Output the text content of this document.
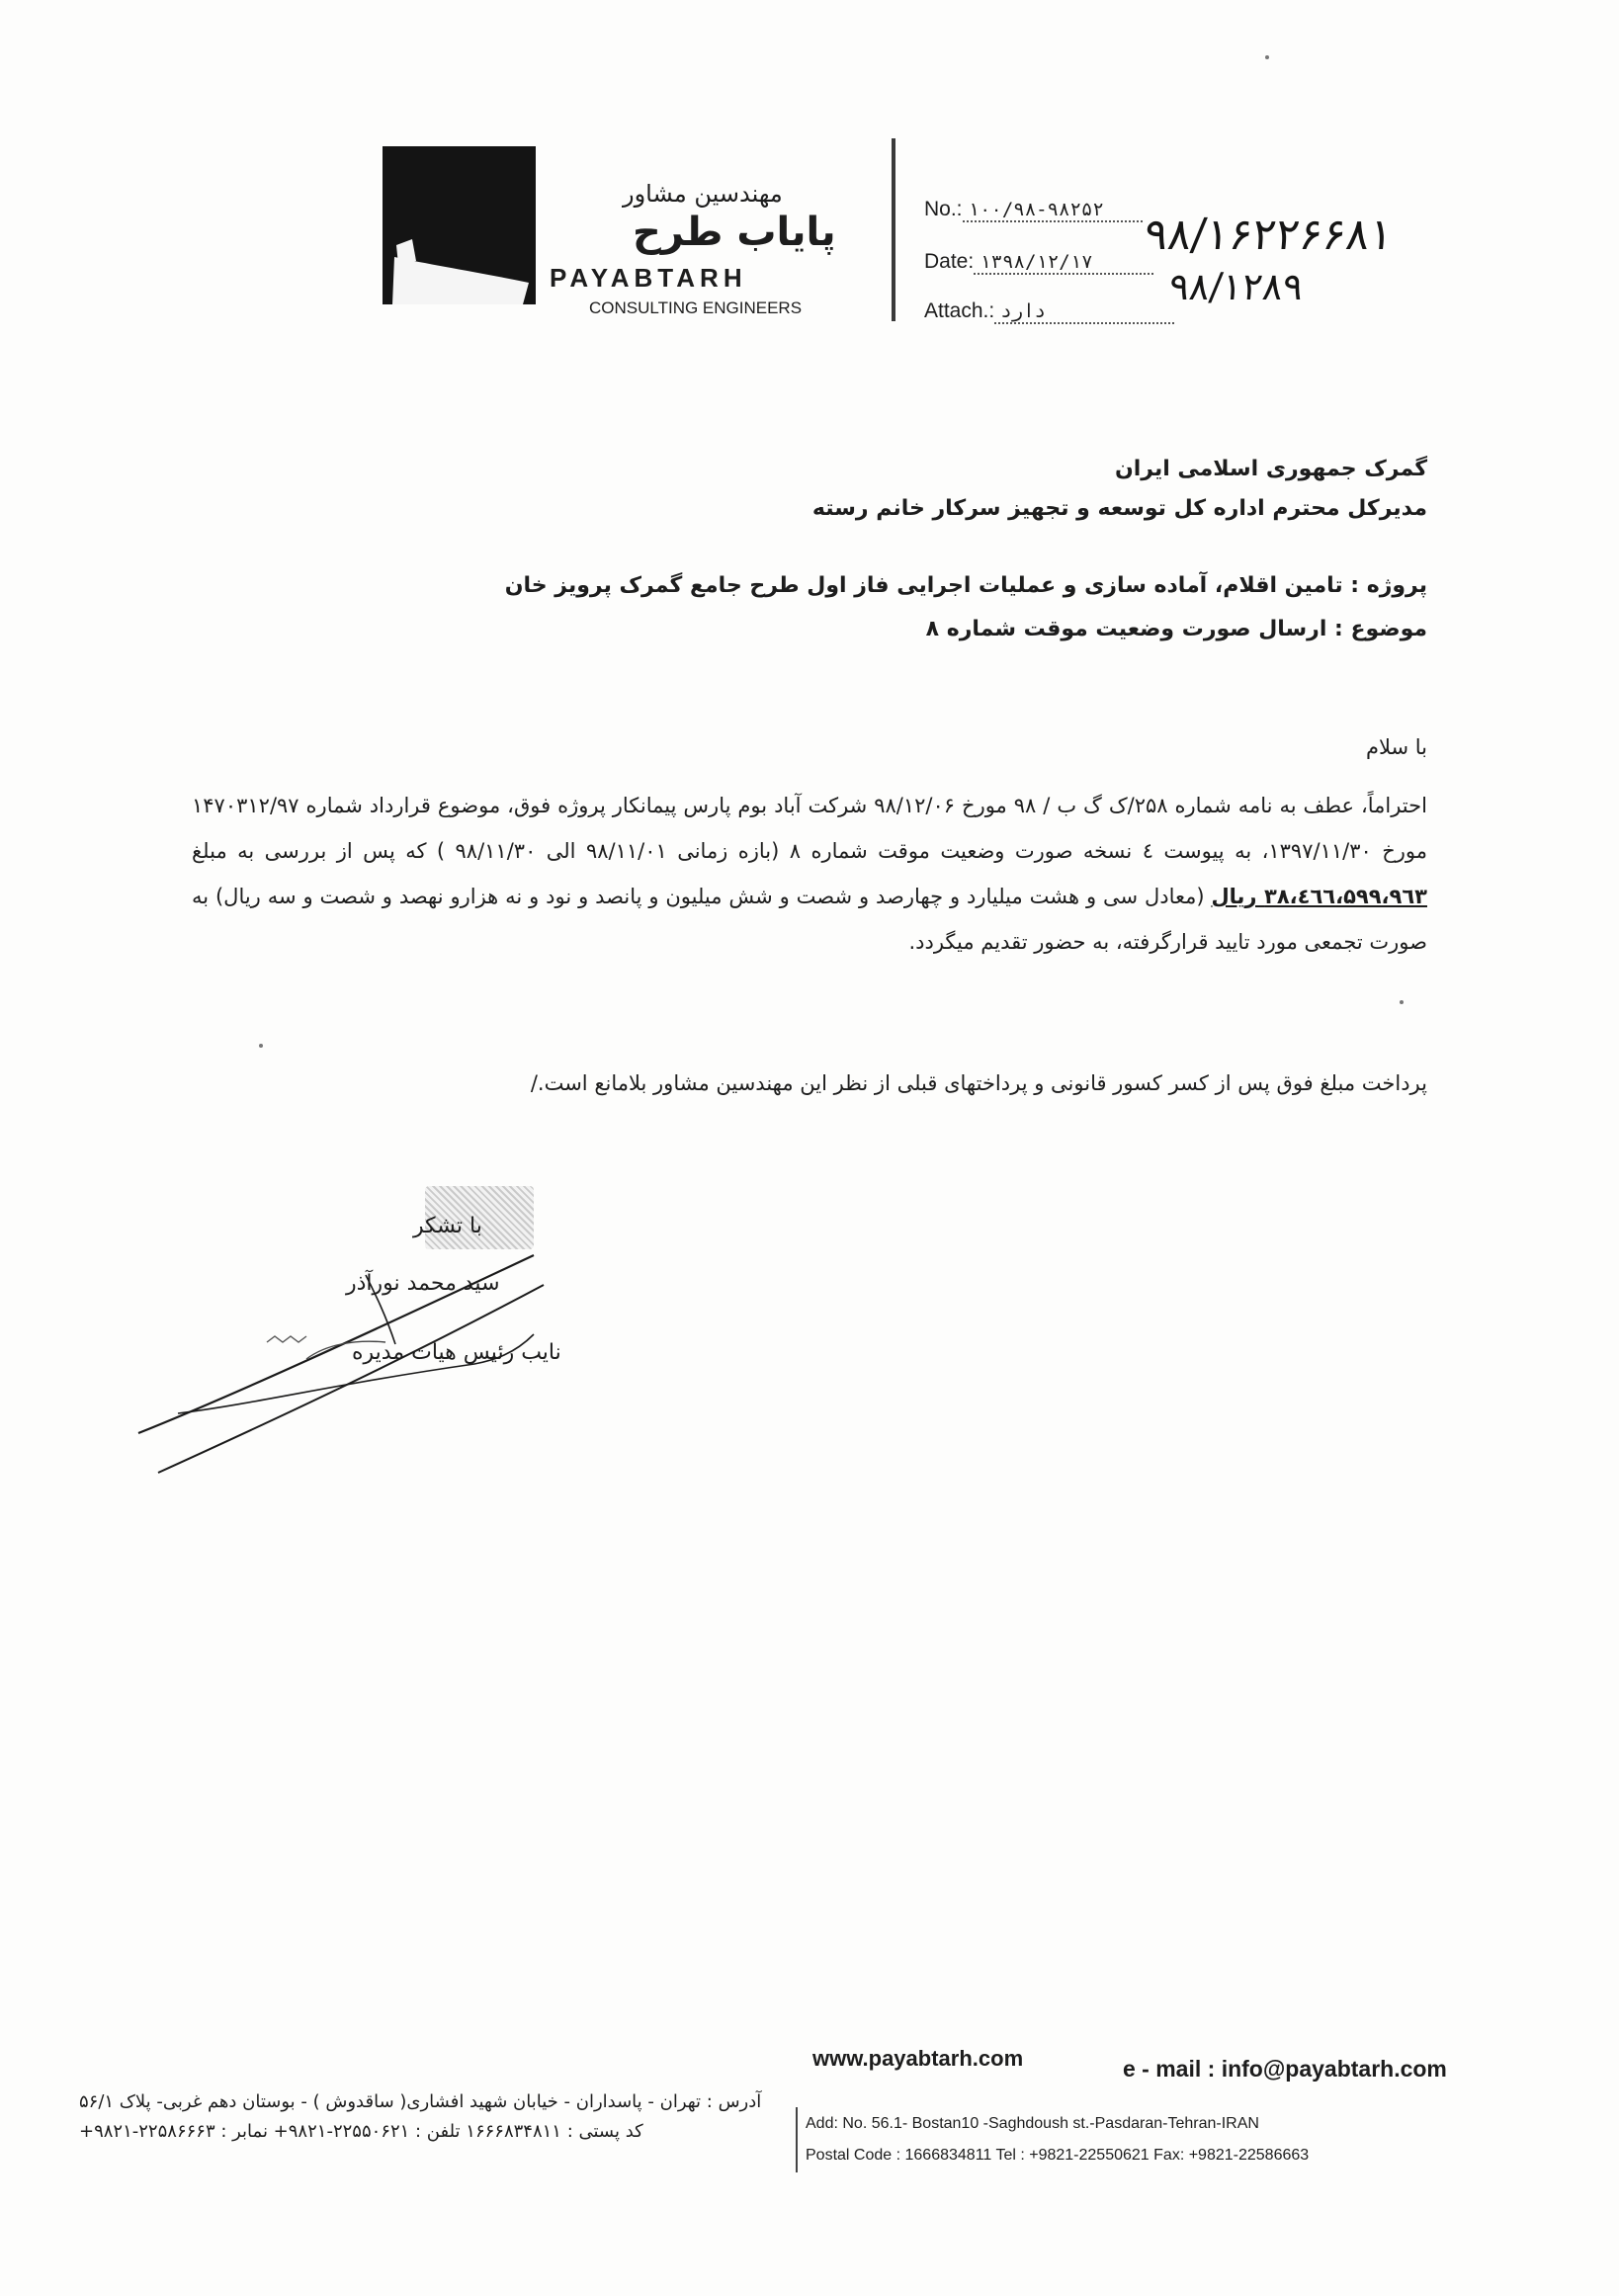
مهندسین مشاور
پایاب طرح
PAYABTARH
CONSULTING ENGINEERS
No.: ۱۰۰/۹۸-۹۸۲۵۲
Date: ۱۳۹۸/۱۲/۱۷
Attach.: دارد
۹۸/۱۶۲۲۶۶۸۱
۹۸/۱۲۸۹
گمرک جمهوری اسلامی ایران
مدیرکل محترم اداره کل توسعه و تجهیز سرکار خانم رسته
پروژه : تامین اقلام، آماده سازی و عملیات اجرایی فاز اول طرح جامع گمرک پرویز خان
موضوع : ارسال صورت وضعیت موقت شماره ۸
با سلام
احتراماً، عطف به نامه شماره ۲۵۸/ک گ ب / ۹۸ مورخ ۹۸/۱۲/۰۶ شرکت آباد بوم پارس پیمانکار پروژه فوق، موضوع قرارداد شماره ۱۴۷۰۳۱۲/۹۷ مورخ ۱۳۹۷/۱۱/۳۰، به پیوست ٤ نسخه صورت وضعیت موقت شماره ۸ (بازه زمانی ۹۸/۱۱/۰۱ الی ۹۸/۱۱/۳۰ ) که پس از بررسی به مبلغ ۳۸،٤٦٦،۵۹۹،۹٦۳ ریال (معادل سی و هشت میلیارد و چهارصد و شصت و شش میلیون و پانصد و نود و نه هزارو نهصد و شصت و سه ریال) به صورت تجمعی مورد تایید قرارگرفته، به حضور تقدیم میگردد.
پرداخت مبلغ فوق پس از کسر کسور قانونی و پرداختهای قبلی از نظر این مهندسین مشاور بلامانع است./
با تشکر
سید محمد نورآذر
نایب رئیس هیات مدیره
www.payabtarh.com	e - mail : info@payabtarh.com
آدرس : تهران - پاسداران - خیابان شهید افشاری( ساقدوش ) - بوستان دهم غربی- پلاک ۵۶/۱
کد پستی : ۱۶۶۶۸۳۴۸۱۱ تلفن : ۲۲۵۵۰۶۲۱-۹۸۲۱+ نمابر : ۲۲۵۸۶۶۶۳-۹۸۲۱+	Add: No. 56.1- Bostan10 -Saghdoush st.-Pasdaran-Tehran-IRAN
Postal Code : 1666834811 Tel : +9821-22550621 Fax: +9821-22586663
